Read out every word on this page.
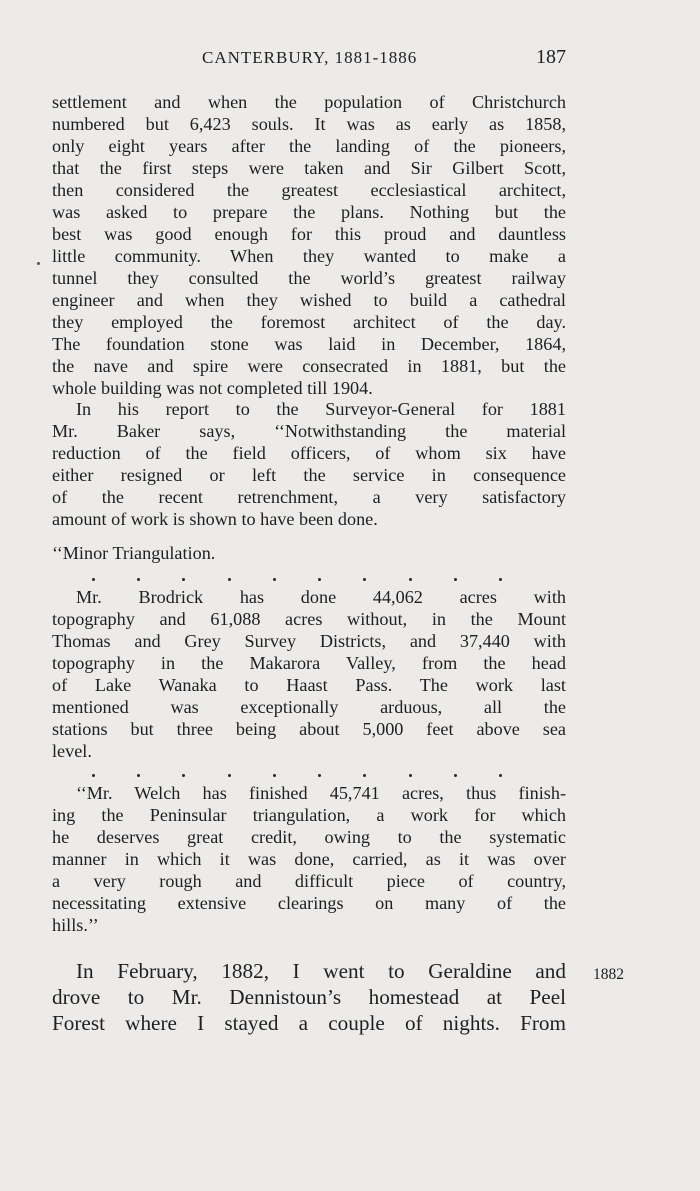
CANTERBURY, 1881-1886	187
settlement and when the population of Christchurch
numbered but 6,423 souls. It was as early as 1858,
only eight years after the landing of the pioneers,
that the first steps were taken and Sir Gilbert Scott,
then considered the greatest ecclesiastical architect,
was asked to prepare the plans. Nothing but the
best was good enough for this proud and dauntless
little community. When they wanted to make a
tunnel they consulted the world’s greatest railway
engineer and when they wished to build a cathedral
they employed the foremost architect of the day.
The foundation stone was laid in December, 1864,
the nave and spire were consecrated in 1881, but the
whole building was not completed till 1904.
In his report to the Surveyor-General for 1881
Mr. Baker says, ‘‘Notwithstanding the material
reduction of the field officers, of whom six have
either resigned or left the service in consequence
of the recent retrenchment, a very satisfactory
amount of work is shown to have been done.
‘‘Minor Triangulation.
Mr. Brodrick has done 44,062 acres with
topography and 61,088 acres without, in the Mount
Thomas and Grey Survey Districts, and 37,440 with
topography in the Makarora Valley, from the head
of Lake Wanaka to Haast Pass. The work last
mentioned was exceptionally arduous, all the
stations but three being about 5,000 feet above sea
level.
‘‘Mr. Welch has finished 45,741 acres, thus finish-
ing the Peninsular triangulation, a work for which
he deserves great credit, owing to the systematic
manner in which it was done, carried, as it was over
a very rough and difficult piece of country,
necessitating extensive clearings on many of the
hills.’’
In February, 1882, I went to Geraldine and
drove to Mr. Dennistoun’s homestead at Peel
Forest where I stayed a couple of nights. From
1882
